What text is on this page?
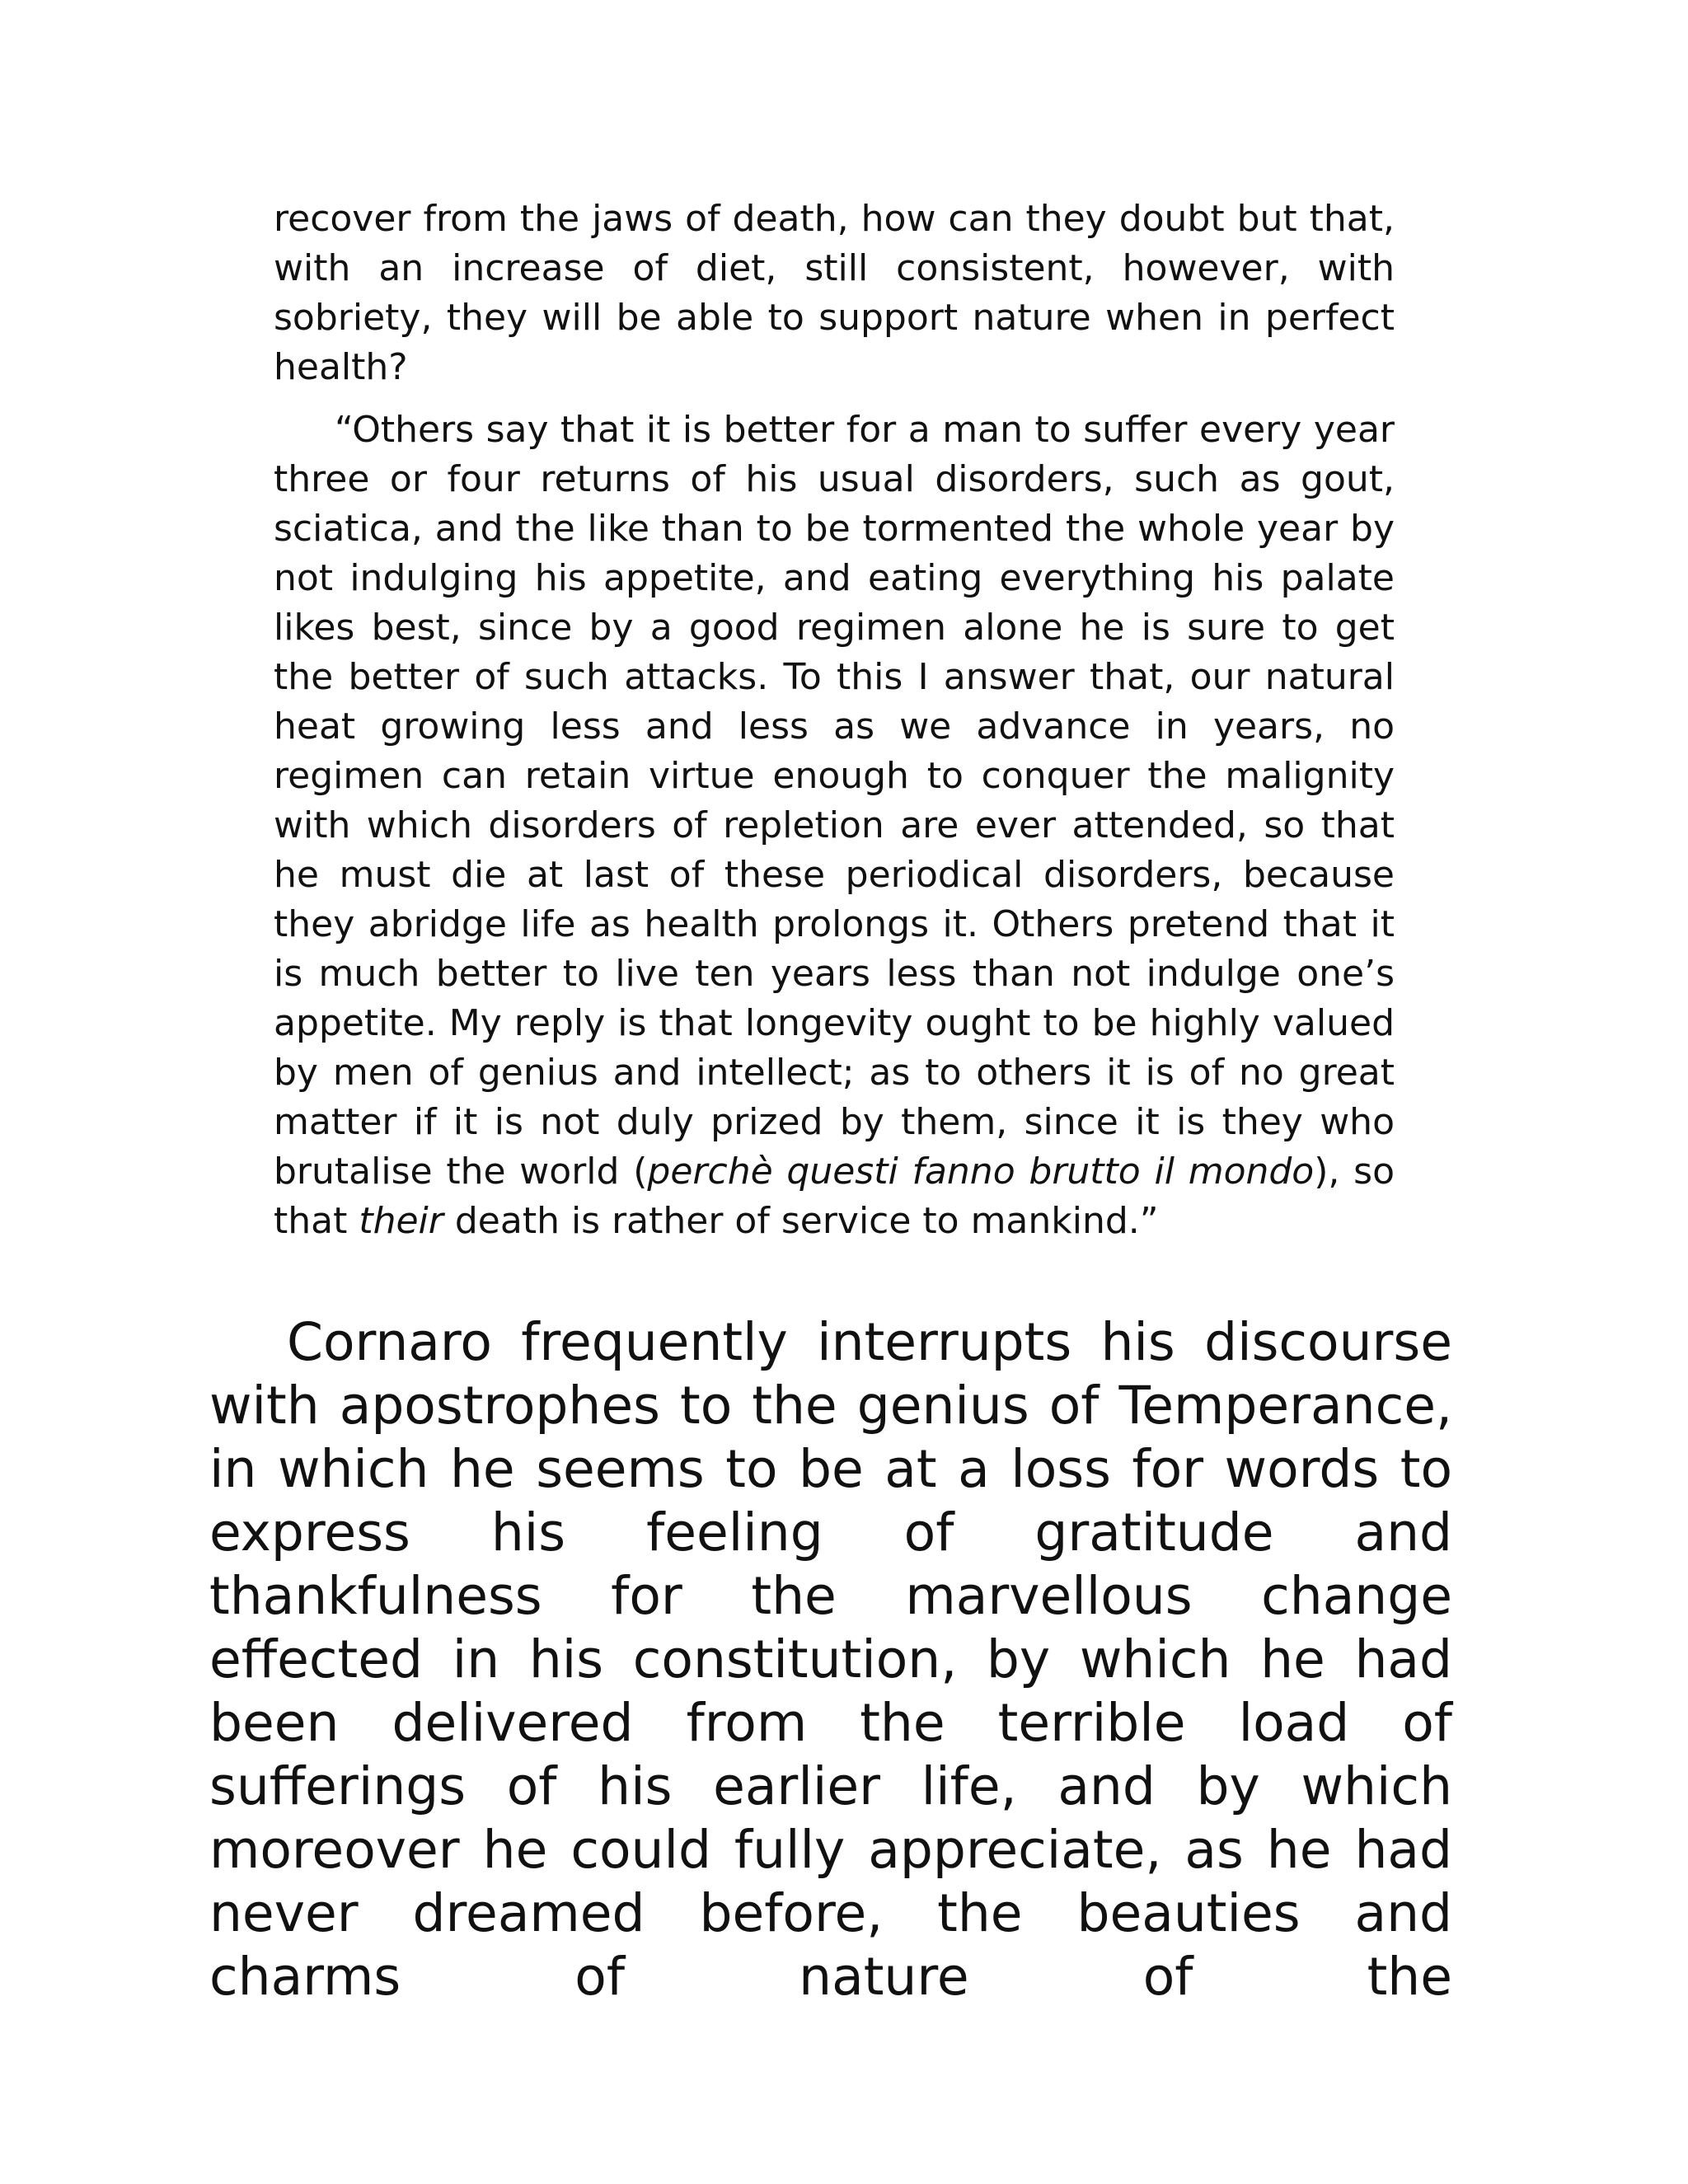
recover from the jaws of death, how can they doubt but that, with an increase of diet, still consistent, however, with sobriety, they will be able to support nature when in perfect health?

“Others say that it is better for a man to suffer every year three or four returns of his usual disorders, such as gout, sciatica, and the like than to be tormented the whole year by not indulging his appetite, and eating everything his palate likes best, since by a good regimen alone he is sure to get the better of such attacks. To this I answer that, our natural heat growing less and less as we advance in years, no regimen can retain virtue enough to conquer the malignity with which disorders of repletion are ever attended, so that he must die at last of these periodical disorders, because they abridge life as health prolongs it. Others pretend that it is much better to live ten years less than not indulge one’s appetite. My reply is that longevity ought to be highly valued by men of genius and intellect; as to others it is of no great matter if it is not duly prized by them, since it is they who brutalise the world (perchè questi fanno brutto il mondo), so that their death is rather of service to mankind.”

Cornaro frequently interrupts his discourse with apostrophes to the genius of Temperance, in which he seems to be at a loss for words to express his feeling of gratitude and thankfulness for the marvellous change effected in his constitution, by which he had been delivered from the terrible load of sufferings of his earlier life, and by which moreover he could fully appreciate, as he had never dreamed before, the beauties and charms of nature of the
